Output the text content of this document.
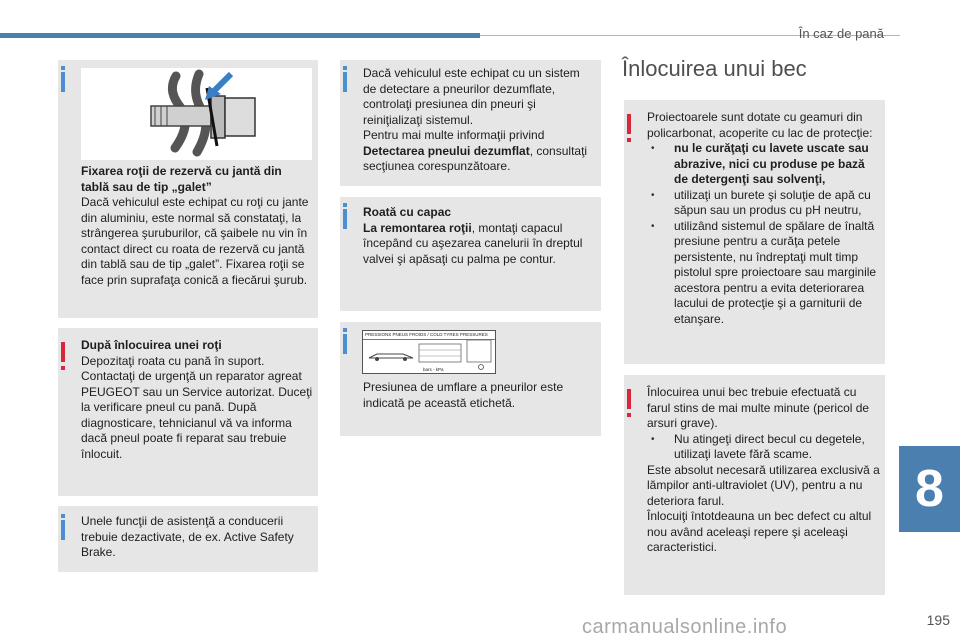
În caz de pană
Fixarea roţii de rezervă cu jantă din tablă sau de tip „galet”
Dacă vehiculul este echipat cu roţi cu jante din aluminiu, este normal să constataţi, la strângerea şuruburilor, că şaibele nu vin în contact direct cu roata de rezervă cu jantă din tablă sau de tip „galet”. Fixarea roţii se face prin suprafaţa conică a fiecărui şurub.
După înlocuirea unei roţi
Depozitaţi roata cu pană în suport. Contactaţi de urgenţă un reparator agreat PEUGEOT sau un Service autorizat. Duceţi la verificare pneul cu pană. După diagnosticare, tehnicianul vă va informa dacă pneul poate fi reparat sau trebuie înlocuit.
Unele funcţii de asistenţă a conducerii trebuie dezactivate, de ex. Active Safety Brake.
Dacă vehiculul este echipat cu un sistem de detectare a pneurilor dezumflate, controlaţi presiunea din pneuri şi reiniţializaţi sistemul.
Pentru mai multe informaţii privind Detectarea pneului dezumflat, consultaţi secţiunea corespunzătoare.
Roată cu capac
La remontarea roţii, montaţi capacul începând cu aşezarea canelurii în dreptul valvei şi apăsaţi cu palma pe contur.
PRESSIONS PNEUS FROIDS / COLD TYRES PRESSURES
bars - kPa
Presiunea de umflare a pneurilor este indicată pe această etichetă.
Înlocuirea unui bec
Proiectoarele sunt dotate cu geamuri din policarbonat, acoperite cu lac de protecţie:
• nu le curăţaţi cu lavete uscate sau abrazive, nici cu produse pe bază de detergenţi sau solvenţi,
• utilizaţi un burete şi soluţie de apă cu săpun sau un produs cu pH neutru,
• utilizând sistemul de spălare de înaltă presiune pentru a curăţa petele persistente, nu îndreptaţi mult timp pistolul spre proiectoare sau marginile acestora pentru a evita deteriorarea lacului de protecţie şi a garniturii de etanşare.
Înlocuirea unui bec trebuie efectuată cu farul stins de mai multe minute (pericol de arsuri grave).
• Nu atingeţi direct becul cu degetele, utilizaţi lavete fără scame.
Este absolut necesară utilizarea exclusivă a lămpilor anti-ultraviolet (UV), pentru a nu deteriora farul.
Înlocuiţi întotdeauna un bec defect cu altul nou având aceleaşi repere şi aceleaşi caracteristici.
8
carmanualsonline.info	195
